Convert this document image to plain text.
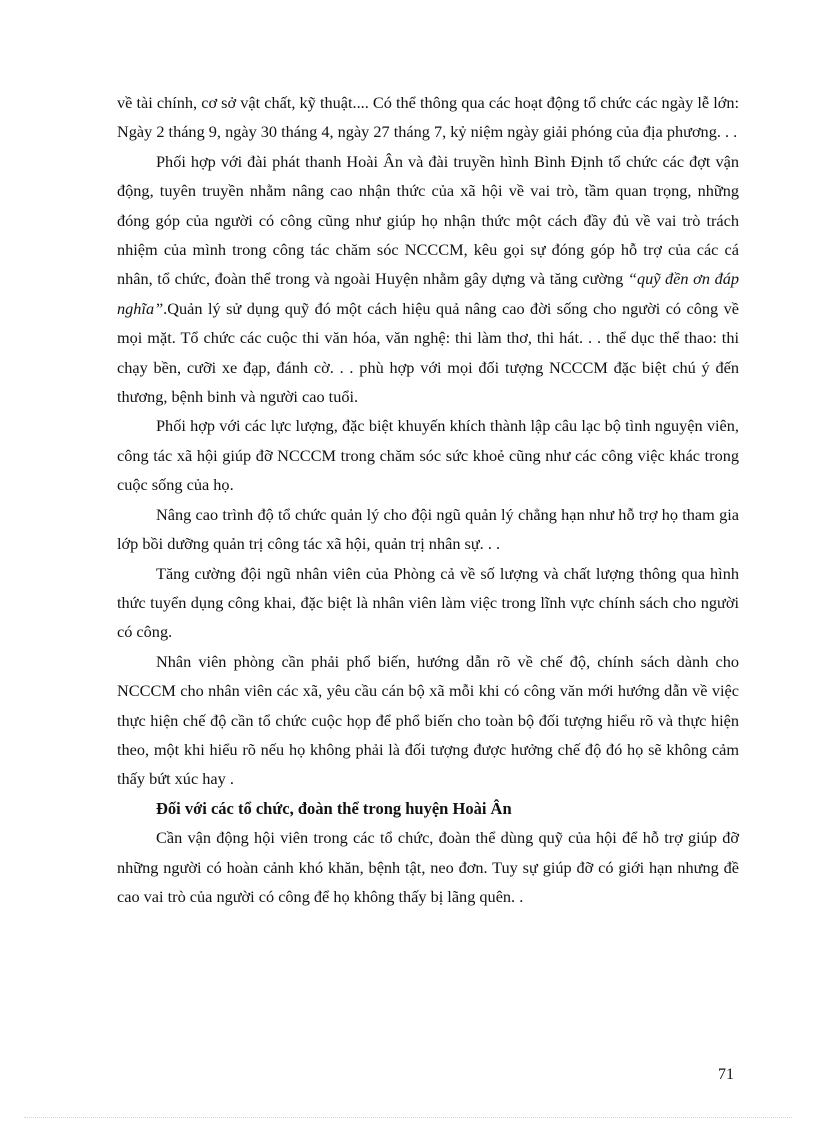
về tài chính, cơ sở vật chất, kỹ thuật.... Có thể thông qua các hoạt động tổ chức các ngày lễ lớn: Ngày 2 tháng 9, ngày 30 tháng 4, ngày 27 tháng 7, kỷ niệm ngày giải phóng của địa phương. . .

Phối hợp với đài phát thanh Hoài Ân và đài truyền hình Bình Định tổ chức các đợt vận động, tuyên truyền nhằm nâng cao nhận thức của xã hội về vai trò, tầm quan trọng, những đóng góp của người có công cũng như giúp họ nhận thức một cách đầy đủ về vai trò trách nhiệm của mình trong công tác chăm sóc NCCCM, kêu gọi sự đóng góp hỗ trợ của các cá nhân, tổ chức, đoàn thể trong và ngoài Huyện nhằm gây dựng và tăng cường “quỹ đền ơn đáp nghĩa”.Quản lý sử dụng quỹ đó một cách hiệu quả nâng cao đời sống cho người có công về mọi mặt. Tổ chức các cuộc thi văn hóa, văn nghệ: thi làm thơ, thi hát. . . thể dục thể thao: thi chạy bền, cưỡi xe đạp, đánh cờ. . . phù hợp với mọi đối tượng NCCCM đặc biệt chú ý đến thương, bệnh binh và người cao tuổi.

Phối hợp với các lực lượng, đặc biệt khuyến khích thành lập câu lạc bộ tình nguyện viên, công tác xã hội giúp đỡ NCCCM trong chăm sóc sức khoẻ cũng như các công việc khác trong cuộc sống của họ.

Nâng cao trình độ tổ chức quản lý cho đội ngũ quản lý chẳng hạn như hỗ trợ họ tham gia lớp bồi dưỡng quản trị công tác xã hội, quản trị nhân sự. . .

Tăng cường đội ngũ nhân viên của Phòng cả về số lượng và chất lượng thông qua hình thức tuyển dụng công khai, đặc biệt là nhân viên làm việc trong lĩnh vực chính sách cho người có công.

Nhân viên phòng cần phải phổ biến, hướng dẫn rõ về chế độ, chính sách dành cho NCCCM cho nhân viên các xã, yêu cầu cán bộ xã mỗi khi có công văn mới hướng dẫn về việc thực hiện chế độ cần tổ chức cuộc họp để phổ biến cho toàn bộ đối tượng hiểu rõ và thực hiện theo, một khi hiểu rõ nếu họ không phải là đối tượng được hưởng chế độ đó họ sẽ không cảm thấy bứt xúc hay .

Đối với các tổ chức, đoàn thể trong huyện Hoài Ân

Cần vận động hội viên trong các tổ chức, đoàn thể dùng quỹ của hội để hỗ trợ giúp đỡ những người có hoàn cảnh khó khăn, bệnh tật, neo đơn. Tuy sự giúp đỡ có giới hạn nhưng đề cao vai trò của người có công để họ không thấy bị lãng quên. .

71
